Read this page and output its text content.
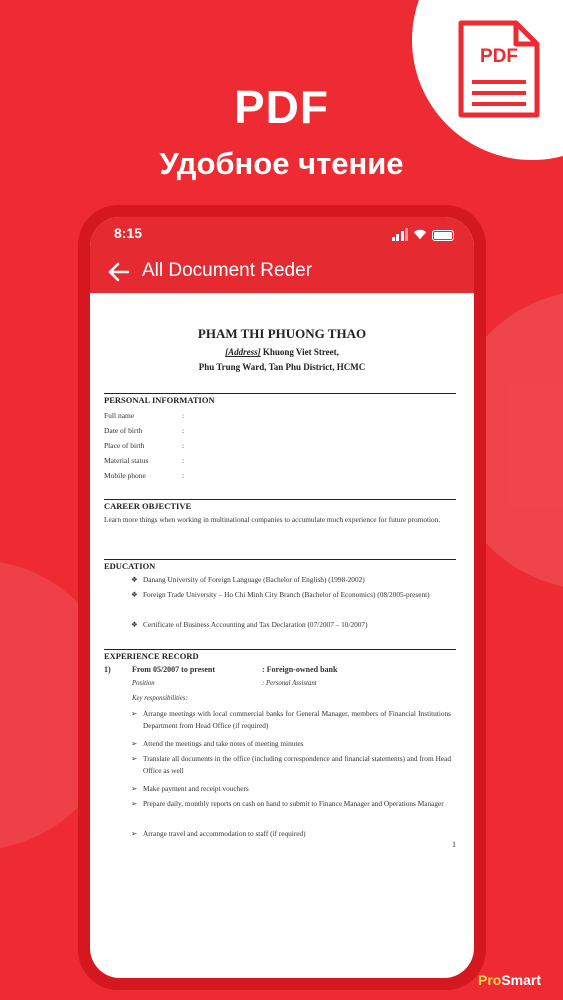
PDF
PDF
Удобное чтение
8:15
All Document Reder
PHAM THI PHUONG THAO
[Address] Khuong Viet Street,
Phu Trung Ward, Tan Phu District, HCMC
PERSONAL INFORMATION
Full name	:
Date of birth	:
Place of birth	:
Material status	:
Mobile phone	:
CAREER OBJECTIVE
Learn more things when working in multinational companies to accumulate much experience for future promotion.
EDUCATION
❖ Danang University of Foreign Language (Bachelor of English) (1998-2002)
❖ Foreign Trade University – Ho Chi Minh City Branch (Bachelor of Economics) (08/2005-present)
❖ Certificate of Business Accounting and Tax Declaration (07/2007 – 10/2007)
EXPERIENCE RECORD
1)	From 05/2007 to present	: Foreign-owned bank
Position	: Personal Assistant
Key responsibilities:
➢ Arrange meetings with local commercial banks for General Manager, members of Financial Institutions Department from Head Office (if required)
➢ Attend the meetings and take notes of meeting minutes
➢ Translate all documents in the office (including correspondence and financial statements) and from Head Office as well
➢ Make payment and receipt vouchers
➢ Prepare daily, monthly reports on cash on hand to submit to Finance Manager and Operations Manager
➢ Arrange travel and accommodation to staff (if required)
1
ProSmart
